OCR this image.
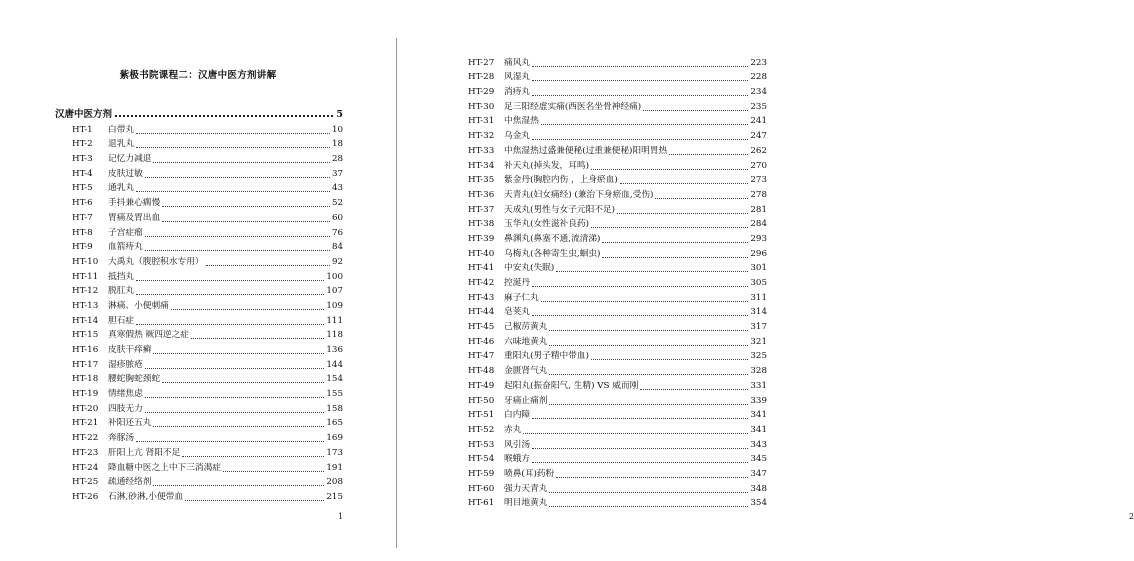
紫极书院课程二：汉唐中医方剂讲解
汉唐中医方剂	5
HT-1	白带丸	10
HT-2	退乳丸	18
HT-3	记忆力减退	28
HT-4	皮肤过敏	37
HT-5	通乳丸	43
HT-6	手抖兼心瘸慢	52
HT-7	胃痛及胃出血	60
HT-8	子宫症瘤	76
HT-9	血箭痔丸	84
HT-10	大禹丸（腹腔积水专用）	92
HT-11	抵挡丸	100
HT-12	脱肛丸	107
HT-13	淋痛、小便刺痛	109
HT-14	胆石症	111
HT-15	真寒假热 厥四逆之症	118
HT-16	皮肤干痒癣	136
HT-17	湿疹脓疮	144
HT-18	腰蛇胸蛇颈蛇	154
HT-19	情绪焦虑	155
HT-20	四肢无力	158
HT-21	补阳还五丸	165
HT-22	奔豚汤	169
HT-23	肝阳上亢 肾阳不足	173
HT-24	降血糖中医之上中下三消渴症	191
HT-25	疏通经络剂	208
HT-26	石淋,砂淋,小便带血	215
1	2
HT-27	痛风丸	223
HT-28	风湿丸	228
HT-29	消痔丸	234
HT-30	足三阳经虚实痛(西医名坐骨神经痛)	235
HT-31	中焦湿热	241
HT-32	乌金丸	247
HT-33	中焦湿热过盛兼便秘(过重兼便秘)阳明胃热	262
HT-34	补天丸(掉头发，耳鸣)	270
HT-35	紫金丹(胸腔内伤 ，上身瘀血)	273
HT-36	天青丸(妇女痛经) (兼治下身瘀血,受伤)	278
HT-37	天成丸(男性与女子元阳不足)	281
HT-38	玉华丸(女性滋补良药)	284
HT-39	鼻渊丸(鼻塞不通,流清涕)	293
HT-40	乌梅丸(各种寄生虫,蛔虫)	296
HT-41	中安丸(失眠)	301
HT-42	控涎丹	305
HT-43	麻子仁丸	311
HT-44	皂荚丸	314
HT-45	己椒苈黄丸	317
HT-46	六味地黄丸	321
HT-47	重阳丸(男子精中带血)	325
HT-48	金匮肾气丸	328
HT-49	起阳丸(振奋阳气, 生精) VS 威而刚	331
HT-50	牙痛止痛剂	339
HT-51	白内障	341
HT-52	赤丸	341
HT-53	风引汤	343
HT-54	喉蛾方	345
HT-59	喷鼻(耳)药粉	347
HT-60	强力天青丸	348
HT-61	明目地黄丸	354
